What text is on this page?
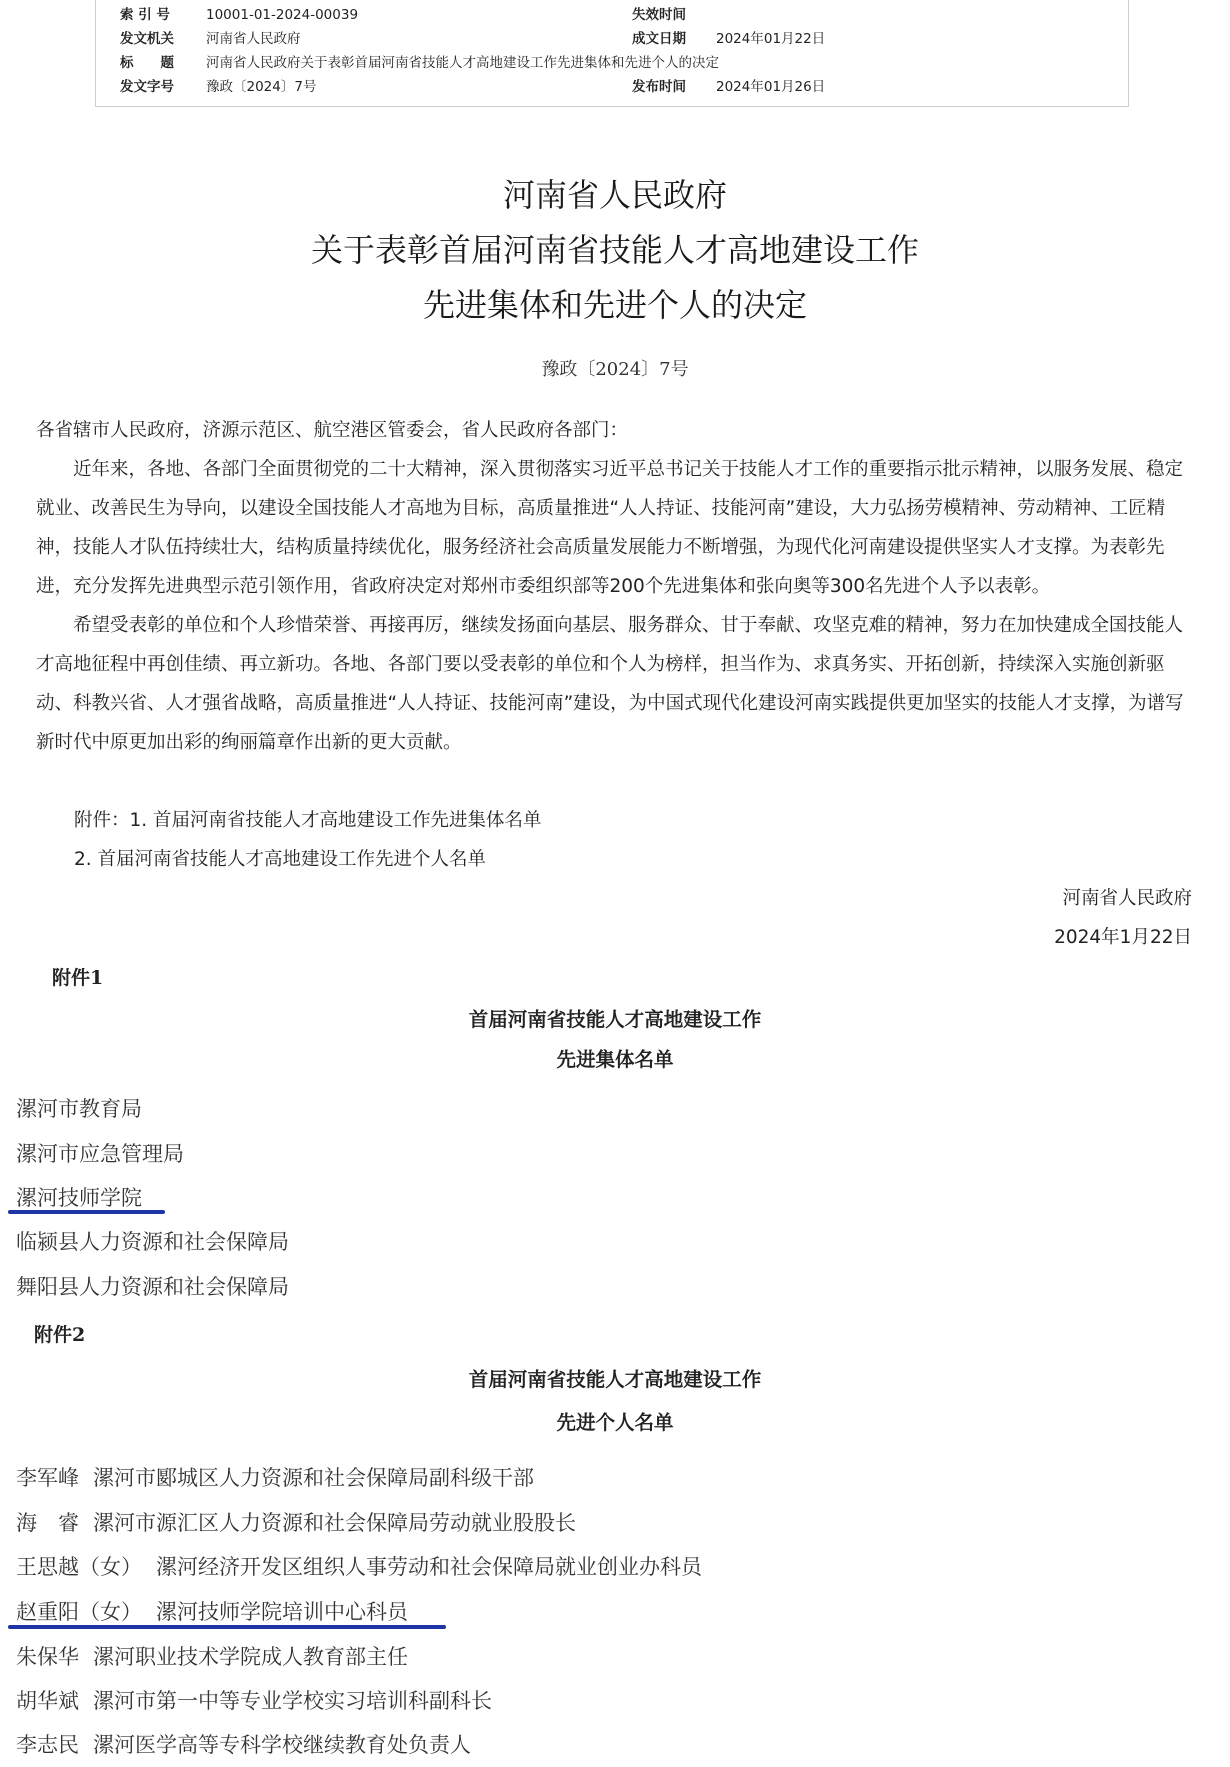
索 引 号	10001-01-2024-00039	失效时间
发文机关 河南省人民政府	成文日期 2024年01月22日
标　　题 河南省人民政府关于表彰首届河南省技能人才高地建设工作先进集体和先进个人的决定
发文字号 豫政〔2024〕7号	发布时间 2024年01月26日
河南省人民政府
关于表彰首届河南省技能人才高地建设工作
先进集体和先进个人的决定
豫政〔2024〕7号

各省辖市人民政府，济源示范区、航空港区管委会，省人民政府各部门：

近年来，各地、各部门全面贯彻党的二十大精神，深入贯彻落实习近平总书记关于技能人才工作的重要指示批示精神，以服务发展、稳定就业、改善民生为导向，以建设全国技能人才高地为目标，高质量推进“人人持证、技能河南”建设，大力弘扬劳模精神、劳动精神、工匠精神，技能人才队伍持续壮大，结构质量持续优化，服务经济社会高质量发展能力不断增强，为现代化河南建设提供坚实人才支撑。为表彰先进，充分发挥先进典型示范引领作用，省政府决定对郑州市委组织部等200个先进集体和张向奥等300名先进个人予以表彰。

希望受表彰的单位和个人珍惜荣誉、再接再厉，继续发扬面向基层、服务群众、甘于奉献、攻坚克难的精神，努力在加快建成全国技能人才高地征程中再创佳绩、再立新功。各地、各部门要以受表彰的单位和个人为榜样，担当作为、求真务实、开拓创新，持续深入实施创新驱动、科教兴省、人才强省战略，高质量推进“人人持证、技能河南”建设，为中国式现代化建设河南实践提供更加坚实的技能人才支撑，为谱写新时代中原更加出彩的绚丽篇章作出新的更大贡献。

附件：1. 首届河南省技能人才高地建设工作先进集体名单
2. 首届河南省技能人才高地建设工作先进个人名单
河南省人民政府
2024年1月22日
附件1
首届河南省技能人才高地建设工作
先进集体名单
漯河市教育局
漯河市应急管理局
漯河技师学院
临颍县人力资源和社会保障局
舞阳县人力资源和社会保障局
附件2
首届河南省技能人才高地建设工作
先进个人名单
李军峰 漯河市郾城区人力资源和社会保障局副科级干部
海　睿 漯河市源汇区人力资源和社会保障局劳动就业股股长
王思越（女） 漯河经济开发区组织人事劳动和社会保障局就业创业办科员
赵重阳（女） 漯河技师学院培训中心科员
朱保华 漯河职业技术学院成人教育部主任
胡华斌 漯河市第一中等专业学校实习培训科副科长
李志民 漯河医学高等专科学校继续教育处负责人
